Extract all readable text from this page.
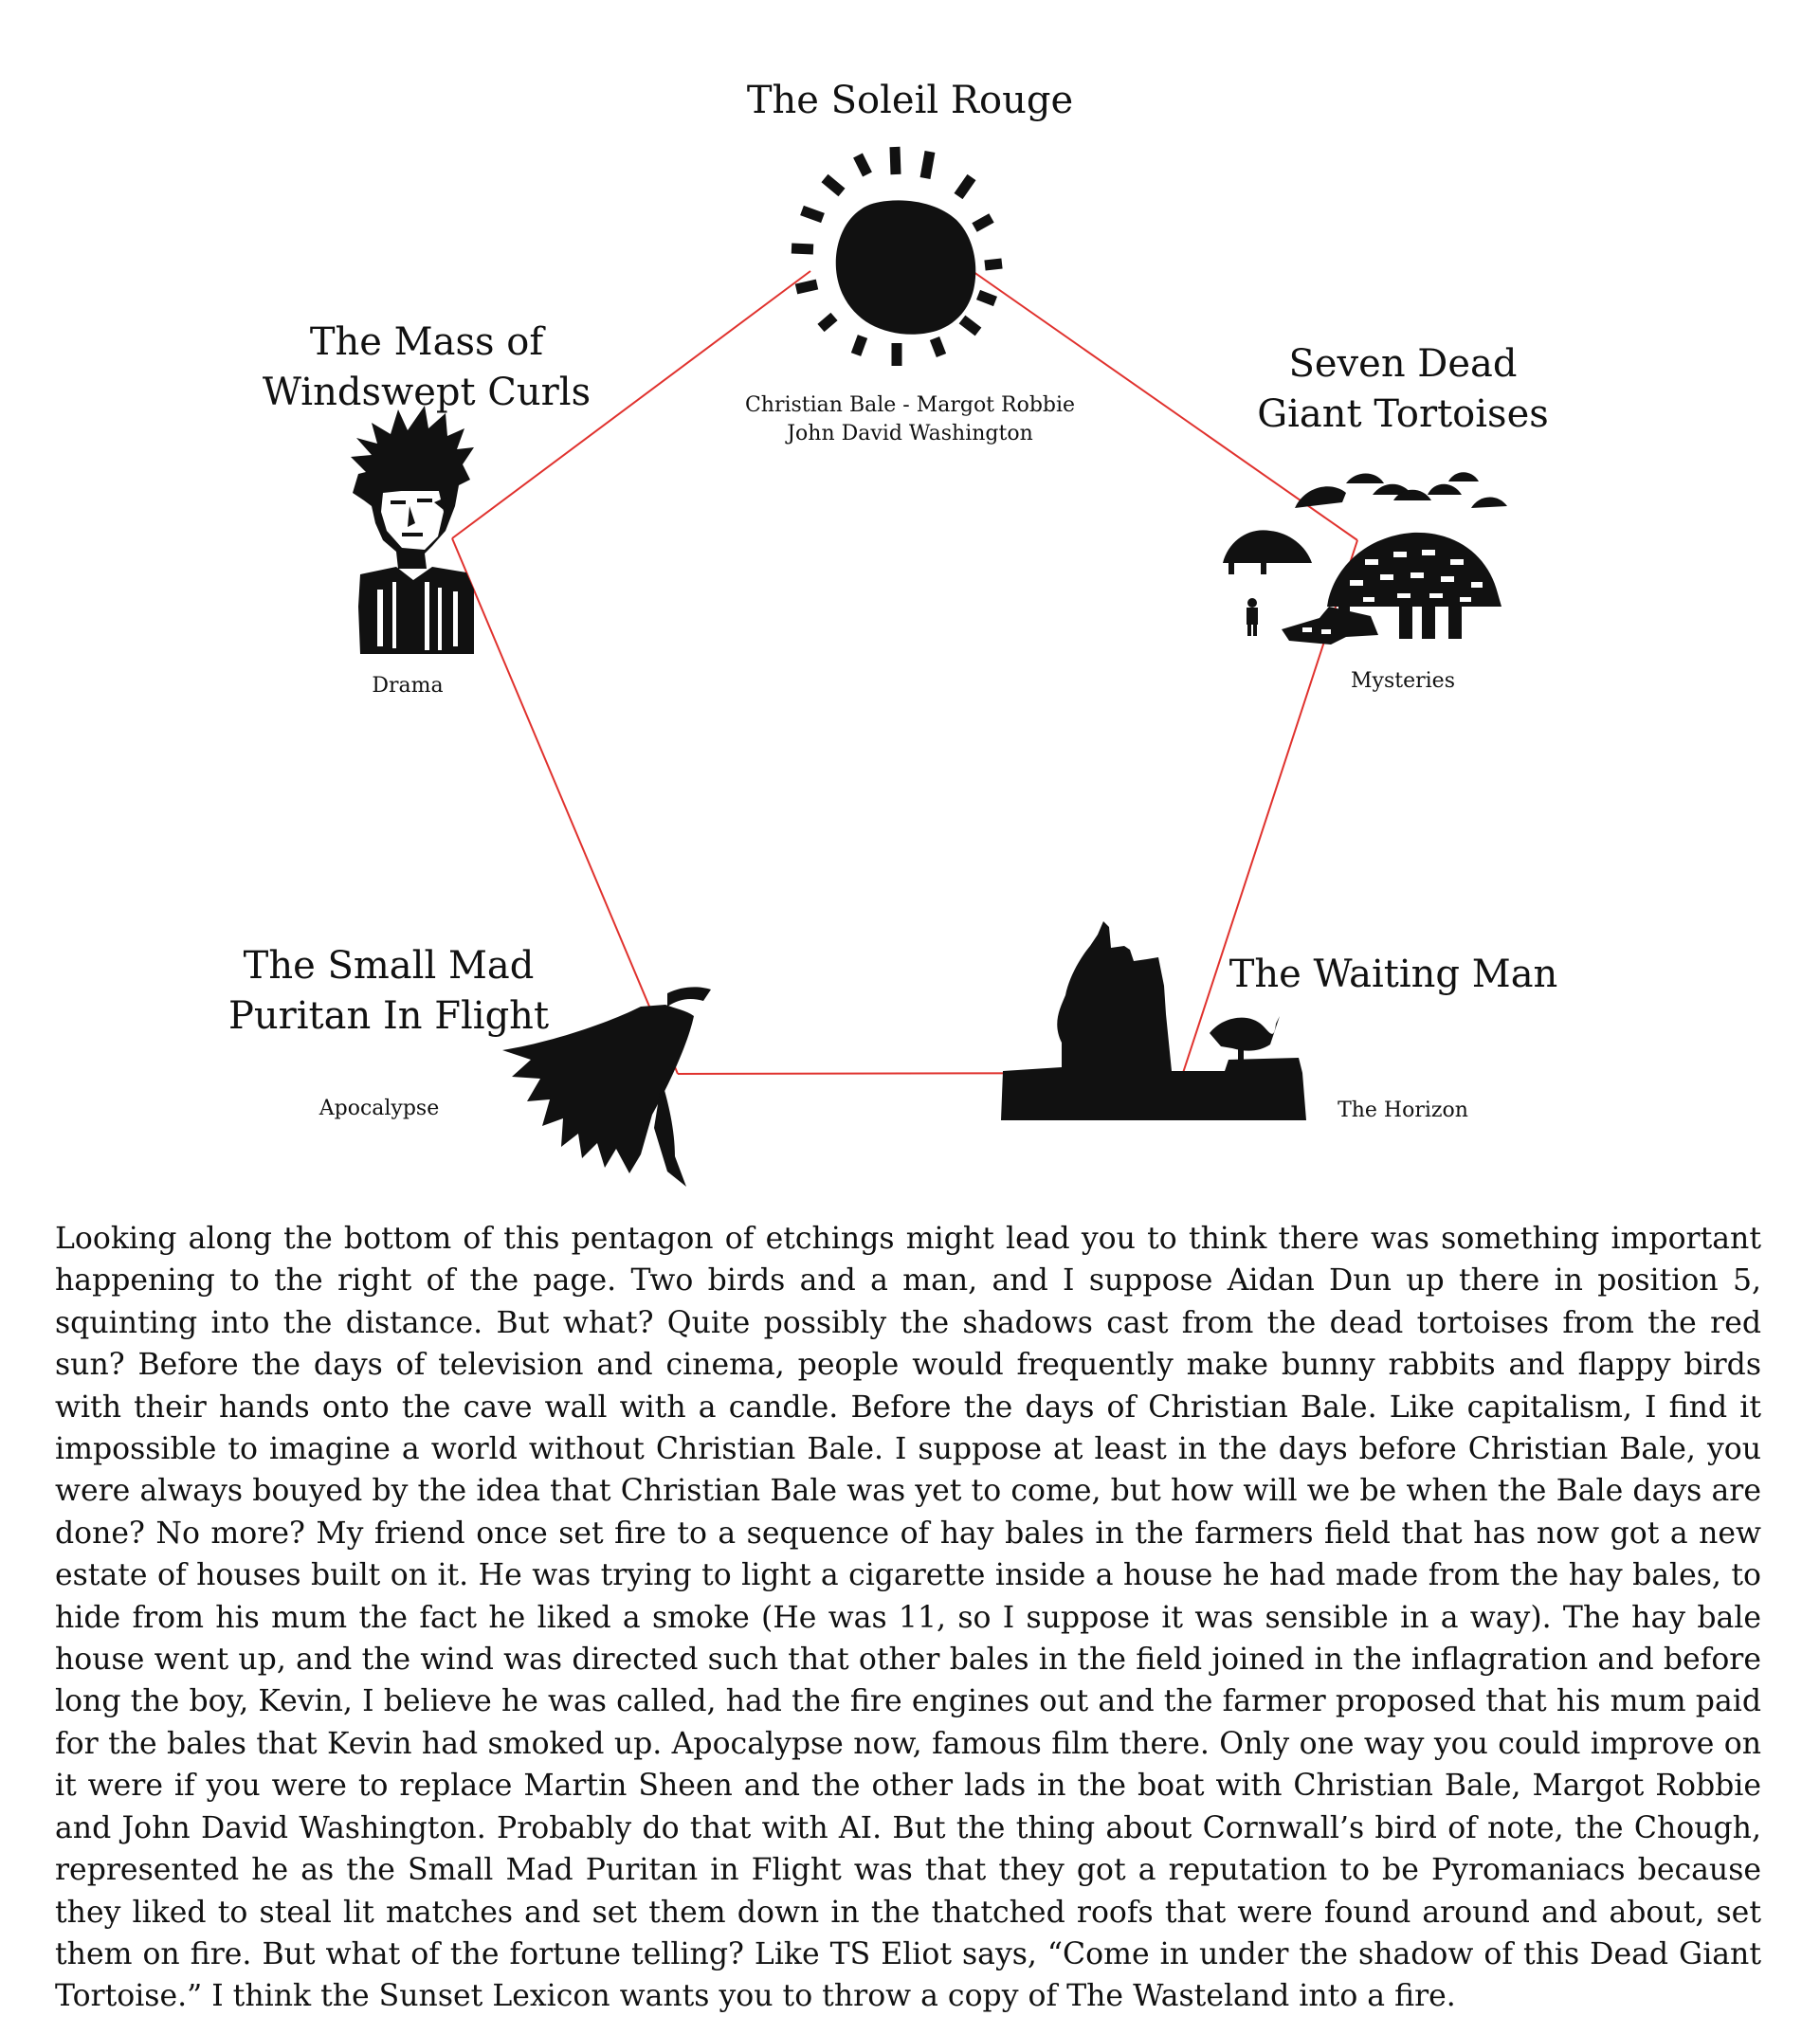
The Soleil Rouge
Christian Bale - Margot Robbie
John David Washington
The Mass of
Windswept Curls
Drama
Seven Dead
Giant Tortoises
Mysteries
The Small Mad
Puritan In Flight
Apocalypse
The Waiting Man
The Horizon

Looking along the bottom of this pentagon of etchings might lead you to think there was something important happening to the right of the page. Two birds and a man, and I suppose Aidan Dun up there in position 5, squinting into the distance. But what? Quite possibly the shadows cast from the dead tortoises from the red sun? Before the days of television and cinema, people would frequently make bunny rabbits and flappy birds with their hands onto the cave wall with a candle. Before the days of Christian Bale. Like capitalism, I find it impossible to imagine a world without Christian Bale. I suppose at least in the days before Christian Bale, you were always bouyed by the idea that Christian Bale was yet to come, but how will we be when the Bale days are done? No more? My friend once set fire to a sequence of hay bales in the farmers field that has now got a new estate of houses built on it. He was trying to light a cigarette inside a house he had made from the hay bales, to hide from his mum the fact he liked a smoke (He was 11, so I suppose it was sensible in a way). The hay bale house went up, and the wind was directed such that other bales in the field joined in the inflagration and before long the boy, Kevin, I believe he was called, had the fire engines out and the farmer proposed that his mum paid for the bales that Kevin had smoked up. Apocalypse now, famous film there. Only one way you could improve on it were if you were to replace Martin Sheen and the other lads in the boat with Christian Bale, Margot Robbie and John David Washington. Probably do that with AI. But the thing about Cornwall’s bird of note, the Chough, represented he as the Small Mad Puritan in Flight was that they got a reputation to be Pyromaniacs because they liked to steal lit matches and set them down in the thatched roofs that were found around and about, set them on fire. But what of the fortune telling? Like TS Eliot says, “Come in under the shadow of this Dead Giant Tortoise.” I think the Sunset Lexicon wants you to throw a copy of The Wasteland into a fire.
